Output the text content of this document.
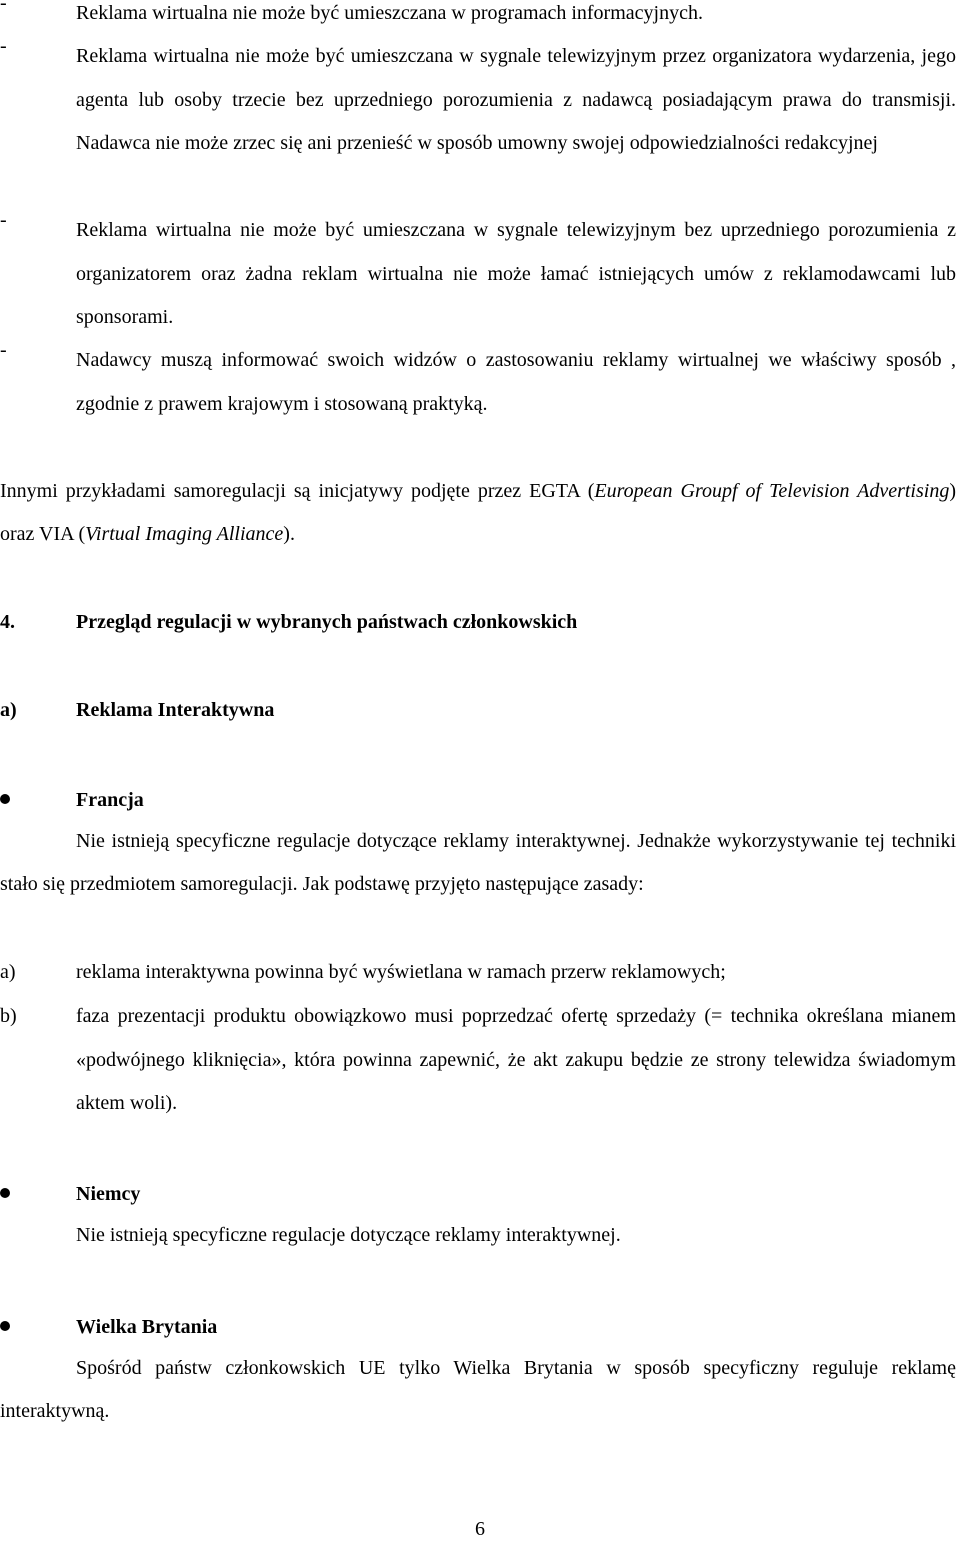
-	Reklama wirtualna nie może być umieszczana w programach informacyjnych.
-	Reklama wirtualna nie może być umieszczana w sygnale telewizyjnym przez organizatora wydarzenia, jego agenta lub osoby trzecie bez uprzedniego porozumienia z nadawcą posiadającym prawa do transmisji. Nadawca nie może zrzec się ani przenieść w sposób umowny swojej odpowiedzialności redakcyjnej
-	Reklama wirtualna nie może być umieszczana w sygnale telewizyjnym bez uprzedniego porozumienia z organizatorem oraz żadna reklam wirtualna nie może łamać istniejących umów z reklamodawcami lub sponsorami.
-	Nadawcy muszą informować swoich widzów o zastosowaniu reklamy wirtualnej we właściwy sposób , zgodnie z prawem krajowym i stosowaną praktyką.
Innymi przykładami samoregulacji są inicjatywy podjęte przez EGTA (European Groupf of Television Advertising) oraz VIA (Virtual Imaging Alliance).
4.	Przegląd regulacji w wybranych państwach członkowskich
a)	Reklama Interaktywna
Francja
Nie istnieją specyficzne regulacje dotyczące reklamy interaktywnej. Jednakże wykorzystywanie tej techniki stało się przedmiotem samoregulacji. Jak podstawę przyjęto następujące zasady:
a)	reklama interaktywna powinna być wyświetlana w ramach przerw reklamowych;
b)	faza prezentacji produktu obowiązkowo musi poprzedzać ofertę sprzedaży (= technika określana mianem «podwójnego kliknięcia», która powinna zapewnić, że akt zakupu będzie ze strony telewidza świadomym aktem woli).
Niemcy
Nie istnieją specyficzne regulacje dotyczące reklamy interaktywnej.
Wielka Brytania
Spośród państw członkowskich UE tylko Wielka Brytania w sposób specyficzny reguluje reklamę interaktywną.
6
